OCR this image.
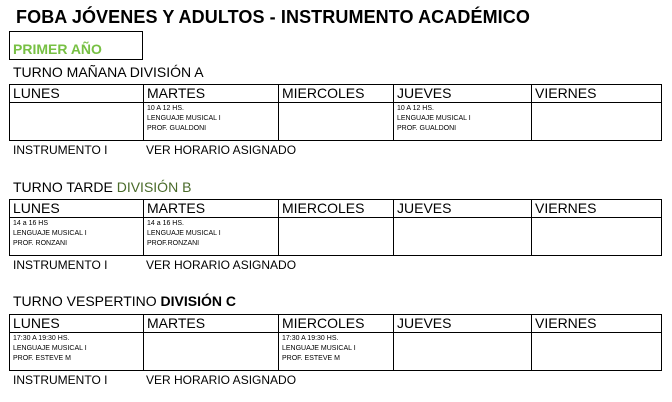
FOBA JÓVENES Y ADULTOS - INSTRUMENTO ACADÉMICO
PRIMER AÑO
TURNO MAÑANA DIVISIÓN A
LUNES	MARTES	MIERCOLES	JUEVES	VIERNES

	10 A 12 HS.
LENGUAJE MUSICAL I
PROF. GUALDONI		10 A 12 HS.
LENGUAJE MUSICAL I
PROF. GUALDONI	

INSTRUMENTO I	VER HORARIO ASIGNADO
TURNO TARDE DIVISIÓN B
LUNES	MARTES	MIERCOLES	JUEVES	VIERNES

14 a 16 HS
LENGUAJE MUSICAL I
PROF. RONZANI	14 a 16 HS.
LENGUAJE MUSICAL I
PROF.RONZANI			

INSTRUMENTO I	VER HORARIO ASIGNADO
TURNO VESPERTINO DIVISIÓN C
LUNES	MARTES	MIERCOLES	JUEVES	VIERNES

17:30 A 19:30 HS.
LENGUAJE MUSICAL I
PROF. ESTEVE M		17:30 A 19:30 HS.
LENGUAJE MUSICAL I
PROF. ESTEVE M		

INSTRUMENTO I	VER HORARIO ASIGNADO
